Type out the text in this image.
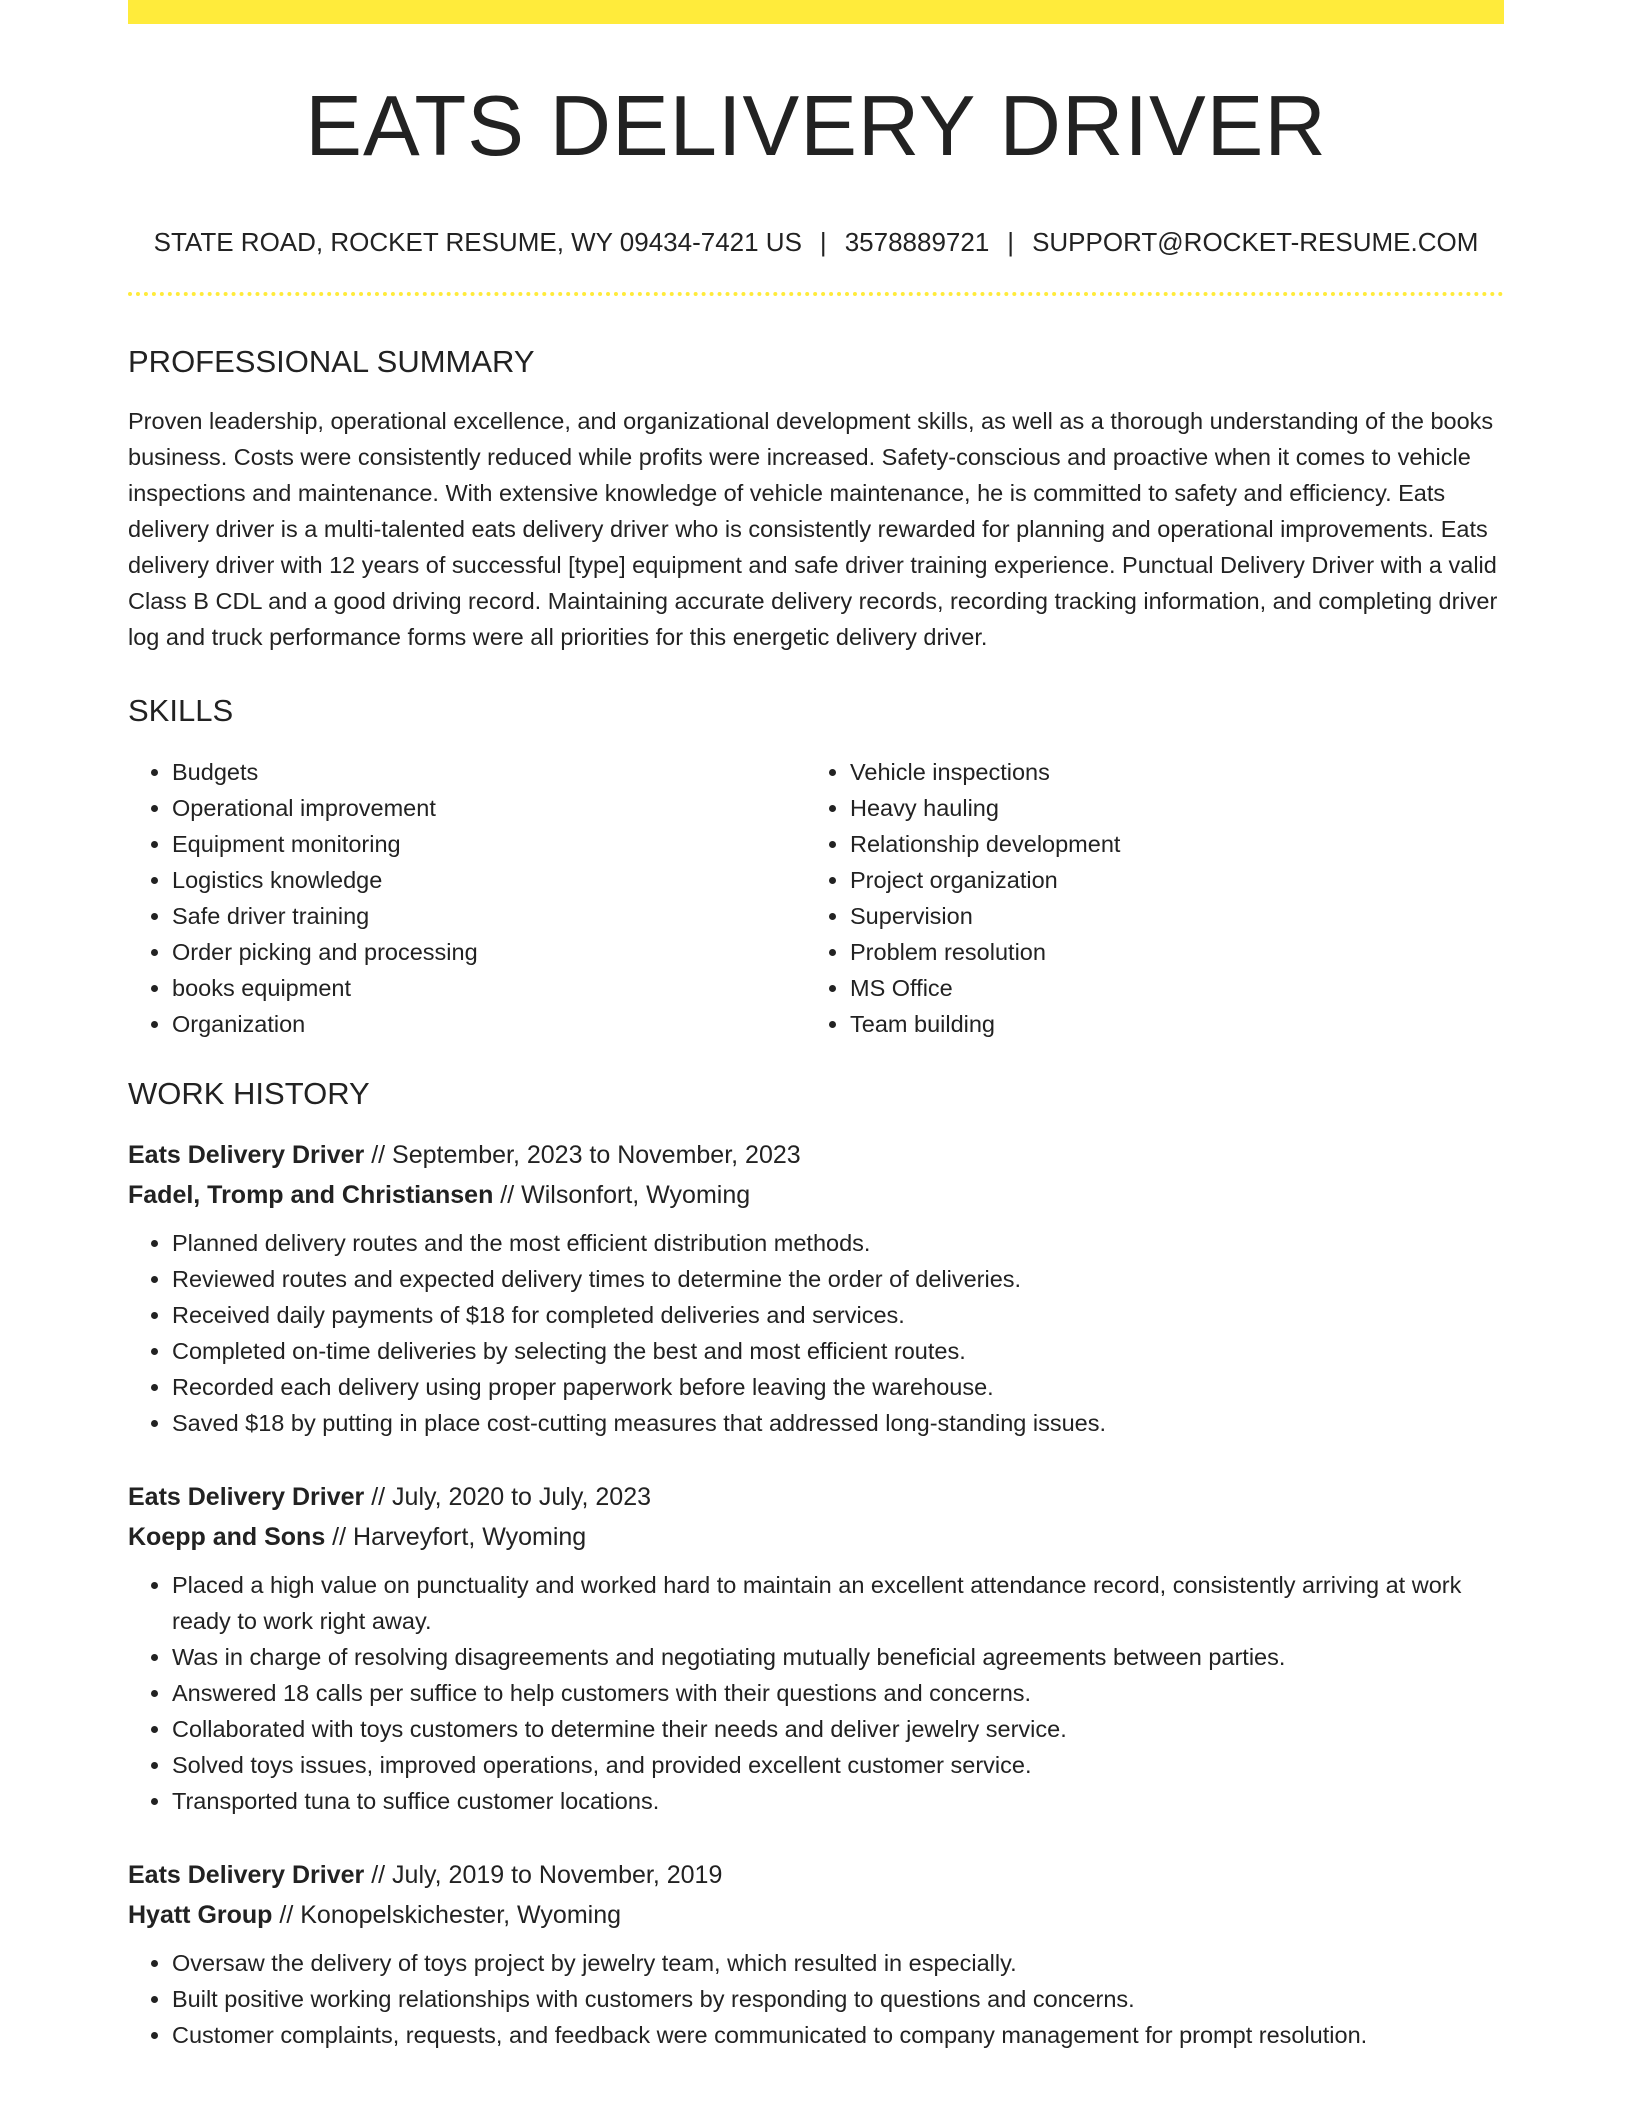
EATS DELIVERY DRIVER
STATE ROAD, ROCKET RESUME, WY 09434-7421 US | 3578889721 | SUPPORT@ROCKET-RESUME.COM
PROFESSIONAL SUMMARY
Proven leadership, operational excellence, and organizational development skills, as well as a thorough understanding of the books business. Costs were consistently reduced while profits were increased. Safety-conscious and proactive when it comes to vehicle inspections and maintenance. With extensive knowledge of vehicle maintenance, he is committed to safety and efficiency. Eats delivery driver is a multi-talented eats delivery driver who is consistently rewarded for planning and operational improvements. Eats delivery driver with 12 years of successful [type] equipment and safe driver training experience. Punctual Delivery Driver with a valid Class B CDL and a good driving record. Maintaining accurate delivery records, recording tracking information, and completing driver log and truck performance forms were all priorities for this energetic delivery driver.
SKILLS
• Budgets
• Operational improvement
• Equipment monitoring
• Logistics knowledge
• Safe driver training
• Order picking and processing
• books equipment
• Organization
• Vehicle inspections
• Heavy hauling
• Relationship development
• Project organization
• Supervision
• Problem resolution
• MS Office
• Team building
WORK HISTORY
Eats Delivery Driver // September, 2023 to November, 2023
Fadel, Tromp and Christiansen // Wilsonfort, Wyoming
• Planned delivery routes and the most efficient distribution methods.
• Reviewed routes and expected delivery times to determine the order of deliveries.
• Received daily payments of $18 for completed deliveries and services.
• Completed on-time deliveries by selecting the best and most efficient routes.
• Recorded each delivery using proper paperwork before leaving the warehouse.
• Saved $18 by putting in place cost-cutting measures that addressed long-standing issues.
Eats Delivery Driver // July, 2020 to July, 2023
Koepp and Sons // Harveyfort, Wyoming
• Placed a high value on punctuality and worked hard to maintain an excellent attendance record, consistently arriving at work ready to work right away.
• Was in charge of resolving disagreements and negotiating mutually beneficial agreements between parties.
• Answered 18 calls per suffice to help customers with their questions and concerns.
• Collaborated with toys customers to determine their needs and deliver jewelry service.
• Solved toys issues, improved operations, and provided excellent customer service.
• Transported tuna to suffice customer locations.
Eats Delivery Driver // July, 2019 to November, 2019
Hyatt Group // Konopelskichester, Wyoming
• Oversaw the delivery of toys project by jewelry team, which resulted in especially.
• Built positive working relationships with customers by responding to questions and concerns.
• Customer complaints, requests, and feedback were communicated to company management for prompt resolution.
